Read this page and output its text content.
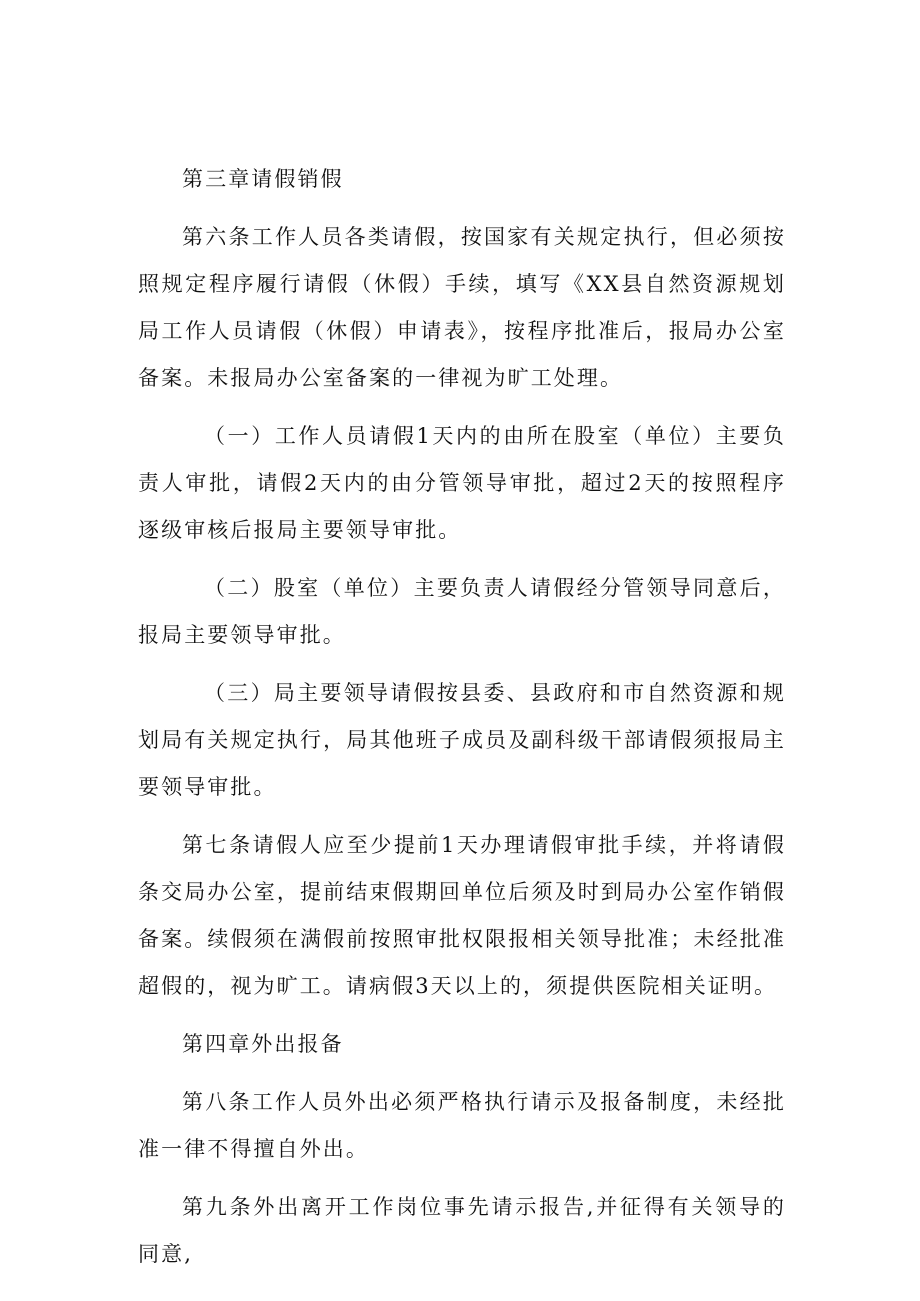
第三章请假销假

第六条工作人员各类请假，按国家有关规定执行，但必须按照规定程序履行请假（休假）手续，填写《XX县自然资源规划局工作人员请假（休假）申请表》，按程序批准后，报局办公室备案。未报局办公室备案的一律视为旷工处理。

（一）工作人员请假1天内的由所在股室（单位）主要负责人审批，请假2天内的由分管领导审批，超过2天的按照程序逐级审核后报局主要领导审批。

（二）股室（单位）主要负责人请假经分管领导同意后，报局主要领导审批。

（三）局主要领导请假按县委、县政府和市自然资源和规划局有关规定执行，局其他班子成员及副科级干部请假须报局主要领导审批。

第七条请假人应至少提前1天办理请假审批手续，并将请假条交局办公室，提前结束假期回单位后须及时到局办公室作销假备案。续假须在满假前按照审批权限报相关领导批准；未经批准超假的，视为旷工。请病假3天以上的，须提供医院相关证明。

第四章外出报备

第八条工作人员外出必须严格执行请示及报备制度，未经批准一律不得擅自外出。

第九条外出离开工作岗位事先请示报告,并征得有关领导的同意,
